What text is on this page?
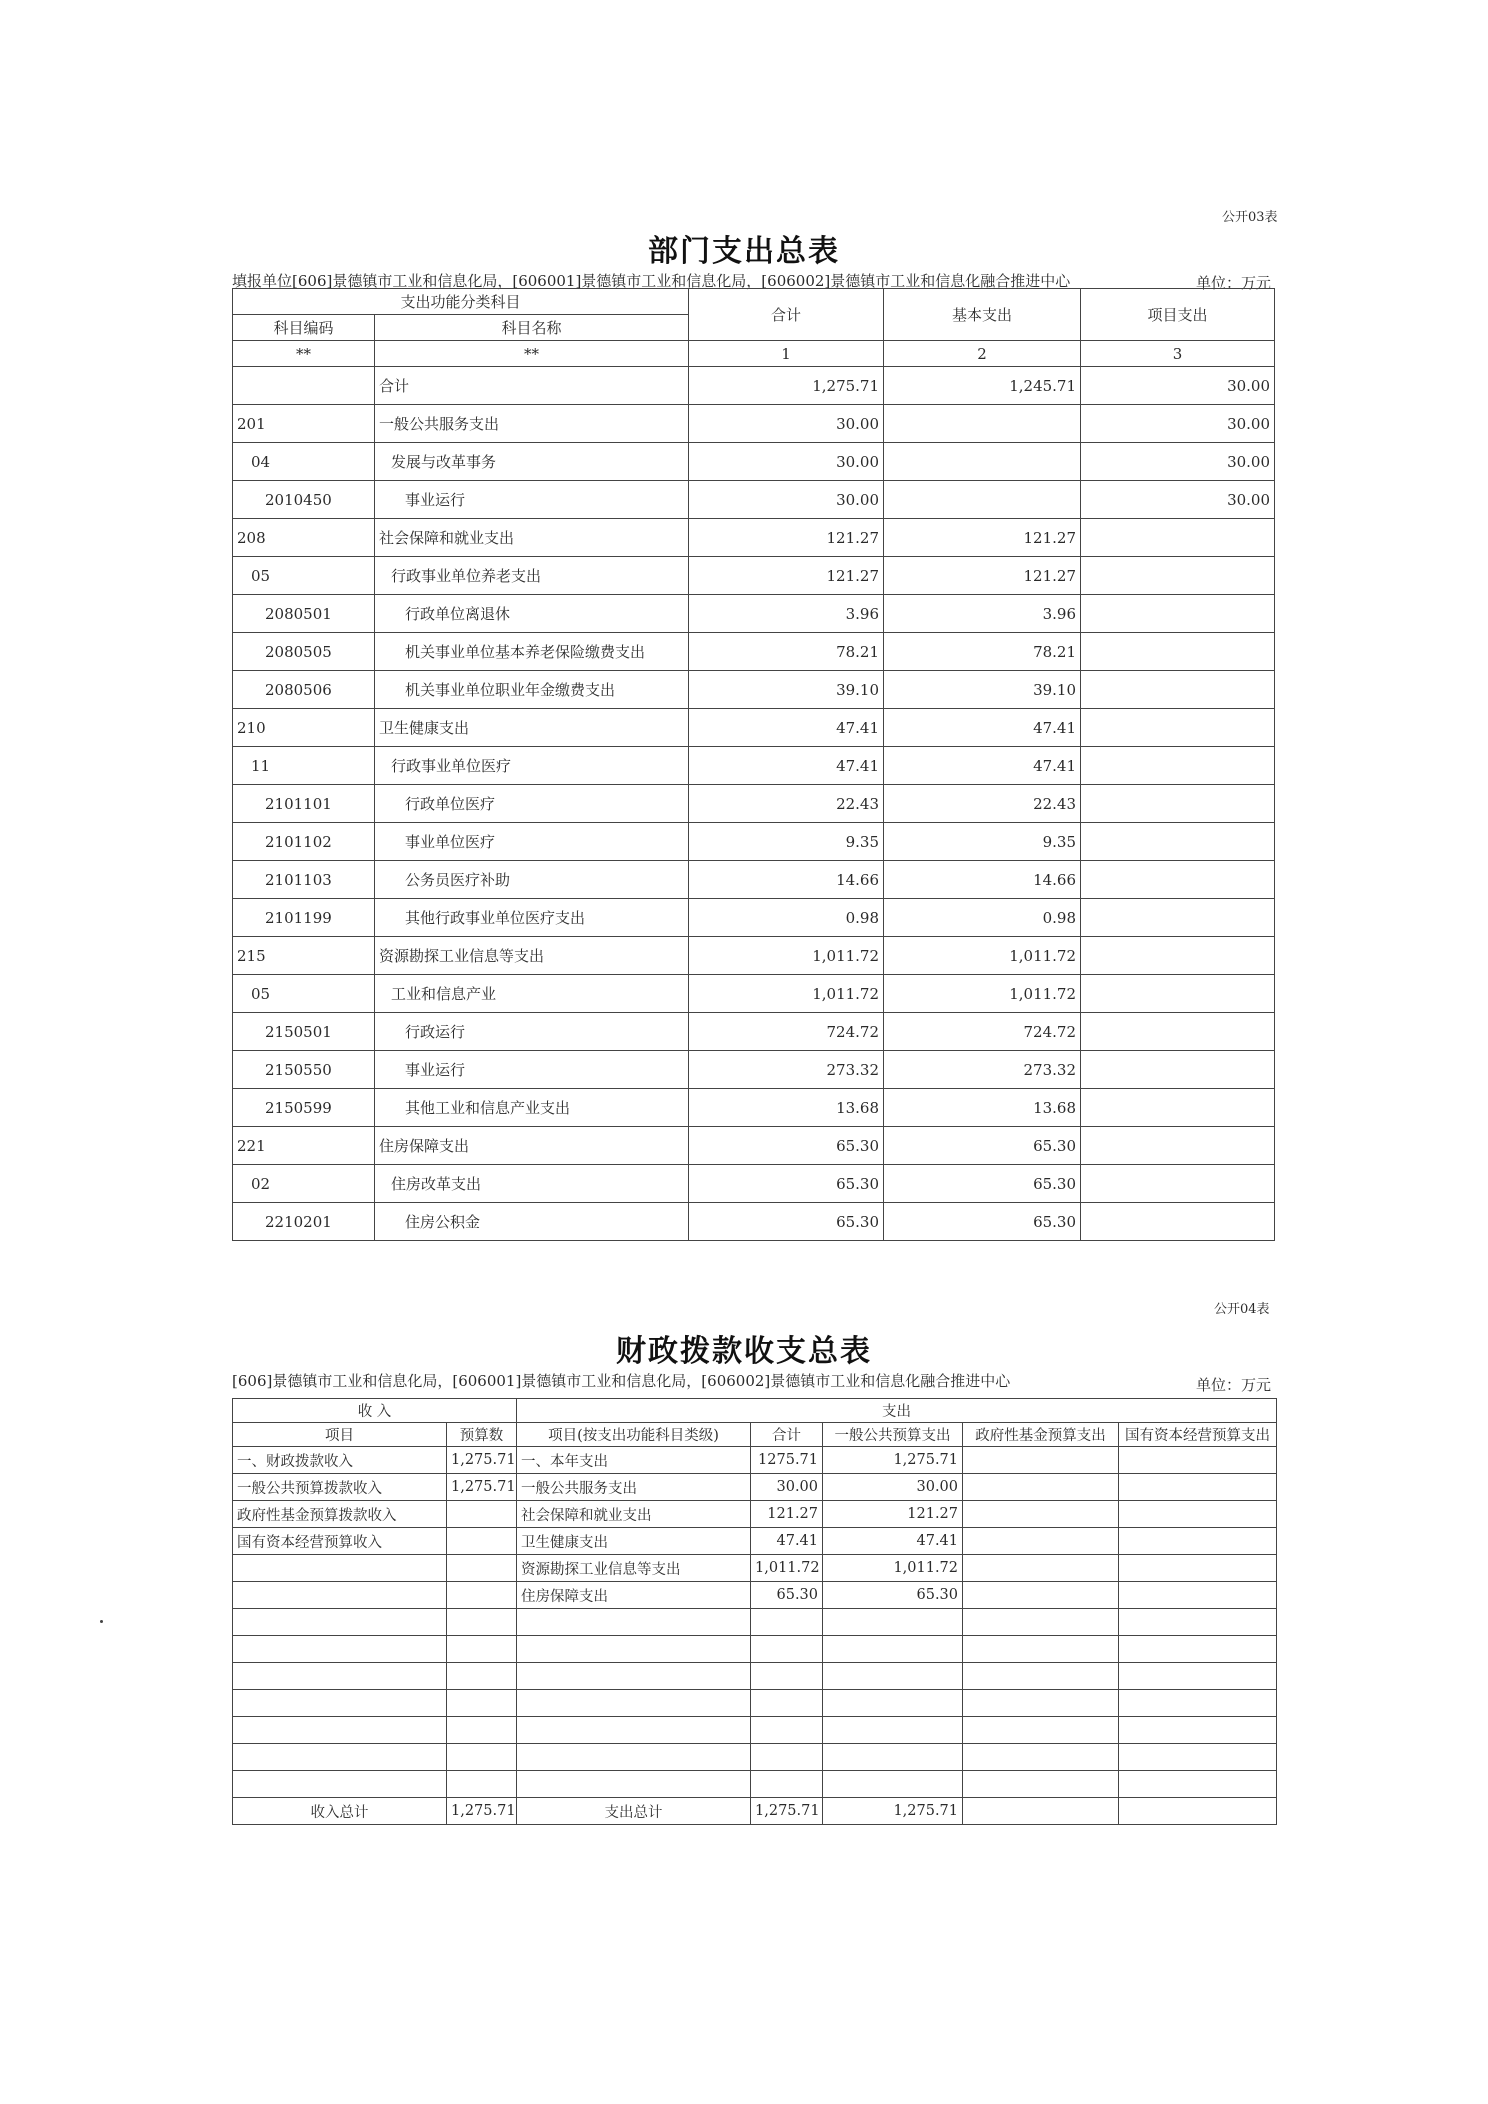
公开03表
部门支出总表
填报单位[606]景德镇市工业和信息化局，[606001]景德镇市工业和信息化局，[606002]景德镇市工业和信息化融合推进中心	单位：万元
支出功能分类科目		合计	基本支出	项目支出
科目编码	科目名称			
**	**	1	2	3
	合计	1,275.71	1,245.71	30.00
201	一般公共服务支出	30.00		30.00
04	发展与改革事务	30.00		30.00
2010450	事业运行	30.00		30.00
208	社会保障和就业支出	121.27	121.27	
05	行政事业单位养老支出	121.27	121.27	
2080501	行政单位离退休	3.96	3.96	
2080505	机关事业单位基本养老保险缴费支出	78.21	78.21	
2080506	机关事业单位职业年金缴费支出	39.10	39.10	
210	卫生健康支出	47.41	47.41	
11	行政事业单位医疗	47.41	47.41	
2101101	行政单位医疗	22.43	22.43	
2101102	事业单位医疗	9.35	9.35	
2101103	公务员医疗补助	14.66	14.66	
2101199	其他行政事业单位医疗支出	0.98	0.98	
215	资源勘探工业信息等支出	1,011.72	1,011.72	
05	工业和信息产业	1,011.72	1,011.72	
2150501	行政运行	724.72	724.72	
2150550	事业运行	273.32	273.32	
2150599	其他工业和信息产业支出	13.68	13.68	
221	住房保障支出	65.30	65.30	
02	住房改革支出	65.30	65.30	
2210201	住房公积金	65.30	65.30	
公开04表
财政拨款收支总表
[606]景德镇市工业和信息化局，[606001]景德镇市工业和信息化局，[606002]景德镇市工业和信息化融合推进中心	单位：万元
收 入		支出				
项目	预算数	项目(按支出功能科目类级)	合计	一般公共预算支出	政府性基金预算支出	国有资本经营预算支出
一、财政拨款收入	1,275.71	一、本年支出	1275.71	1,275.71		
一般公共预算拨款收入	1,275.71	一般公共服务支出	30.00	30.00		
政府性基金预算拨款收入		社会保障和就业支出	121.27	121.27		
国有资本经营预算收入		卫生健康支出	47.41	47.41		
		资源勘探工业信息等支出	1,011.72	1,011.72		
		住房保障支出	65.30	65.30		

收入总计	1,275.71	支出总计	1,275.71	1,275.71		
